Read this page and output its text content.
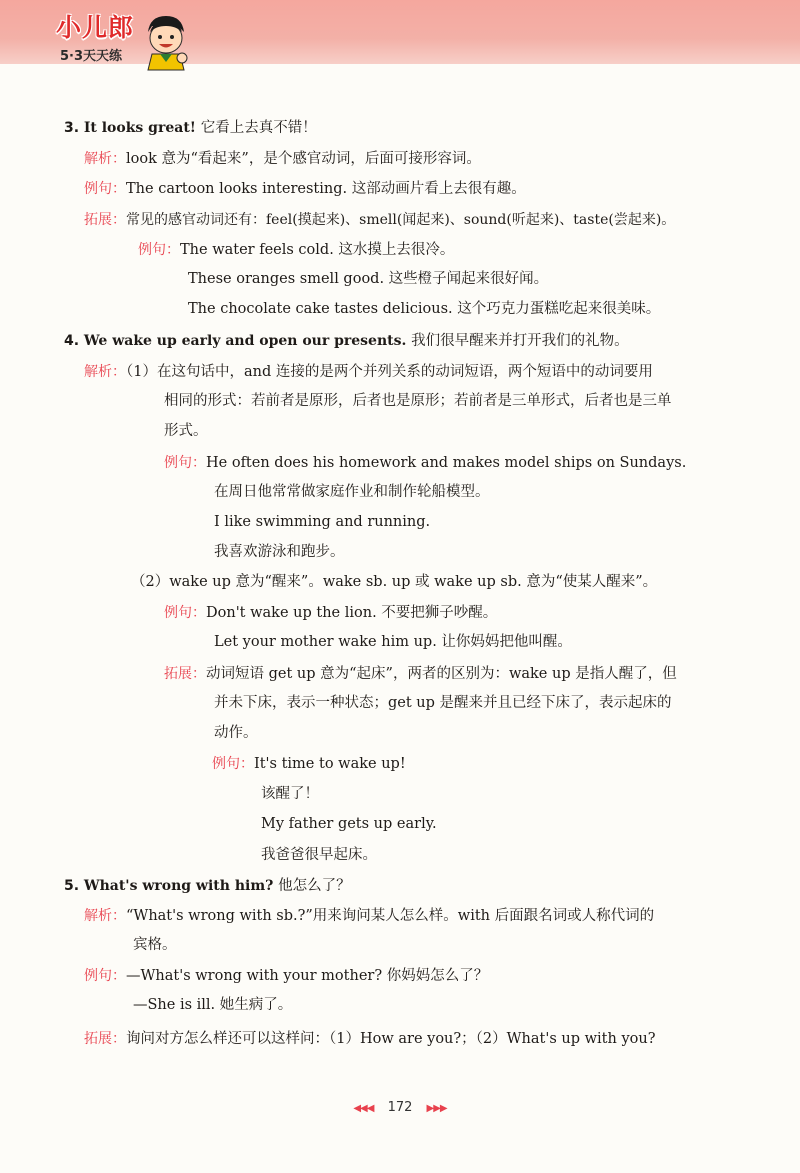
小儿郎
5·3天天练
3. It looks great! 它看上去真不错！
解析：look 意为“看起来”，是个感官动词，后面可接形容词。
例句：The cartoon looks interesting. 这部动画片看上去很有趣。
拓展：常见的感官动词还有：feel(摸起来)、smell(闻起来)、sound(听起来)、taste(尝起来)。
例句：The water feels cold. 这水摸上去很冷。
These oranges smell good. 这些橙子闻起来很好闻。
The chocolate cake tastes delicious. 这个巧克力蛋糕吃起来很美味。
4. We wake up early and open our presents. 我们很早醒来并打开我们的礼物。
解析：（1）在这句话中，and 连接的是两个并列关系的动词短语，两个短语中的动词要用
相同的形式：若前者是原形，后者也是原形；若前者是三单形式，后者也是三单
形式。
例句：He often does his homework and makes model ships on Sundays.
在周日他常常做家庭作业和制作轮船模型。
I like swimming and running.
我喜欢游泳和跑步。
（2）wake up 意为“醒来”。wake sb. up 或 wake up sb. 意为“使某人醒来”。
例句：Don't wake up the lion. 不要把狮子吵醒。
Let your mother wake him up. 让你妈妈把他叫醒。
拓展：动词短语 get up 意为“起床”，两者的区别为：wake up 是指人醒了，但
并未下床，表示一种状态；get up 是醒来并且已经下床了，表示起床的
动作。
例句：It's time to wake up!
该醒了！
My father gets up early.
我爸爸很早起床。
5. What's wrong with him? 他怎么了？
解析：“What's wrong with sb.?”用来询问某人怎么样。with 后面跟名词或人称代词的
宾格。
例句：—What's wrong with your mother? 你妈妈怎么了？
—She is ill. 她生病了。
拓展：询问对方怎么样还可以这样问：（1）How are you?；（2）What's up with you?
◀◀◀ 172 ▶▶▶
